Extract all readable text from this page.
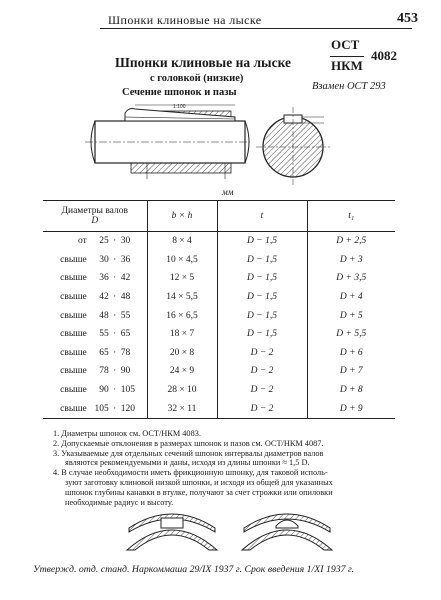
Шпонки клиновые на лыске	453
Шпонки клиновые на лыске
с головкой (низкие)
Сечение шпонок и пазы
ОСТ
НКМ
4082
Взамен ОСТ 293
1:100
мм
Диаметры валов
D	b × h	t	t₁
от 25 · 30	8 × 4	D − 1,5	D + 2,5
свыше 30 · 36	10 × 4,5	D − 1,5	D + 3
свыше 36 · 42	12 × 5	D − 1,5	D + 3,5
свыше 42 · 48	14 × 5,5	D − 1,5	D + 4
свыше 48 · 55	16 × 6,5	D − 1,5	D + 5
свыше 55 · 65	18 × 7	D − 1,5	D + 5,5
свыше 65 · 78	20 × 8	D − 2	D + 6
свыше 78 · 90	24 × 9	D − 2	D + 7
свыше 90 · 105	28 × 10	D − 2	D + 8
свыше 105 · 120	32 × 11	D − 2	D + 9

1. Диаметры шпонок см. ОСТ/НКМ 4083.

2. Допускаемые отклонения в размерах шпонок и пазов см. ОСТ/НКМ 4087.

3. Указываемые для отдельных сечений шпонок интервалы диаметров валов

являются рекомендуемыми и даны, исходя из длины шпонки ≈ 1,5 D.

4. В случае необходимости иметь фрикционную шпонку, для таковой исполь-

зуют заготовку клиновой низкой шпонки, и исходя из общей для указанных

шпонок глубины канавки в втулке, получают за счет строжки или опиловки

необходимые радиус и высоту.

Утвержд. отд. станд. Наркоммаша 29/IX 1937 г. Срок введения 1/XI 1937 г.
